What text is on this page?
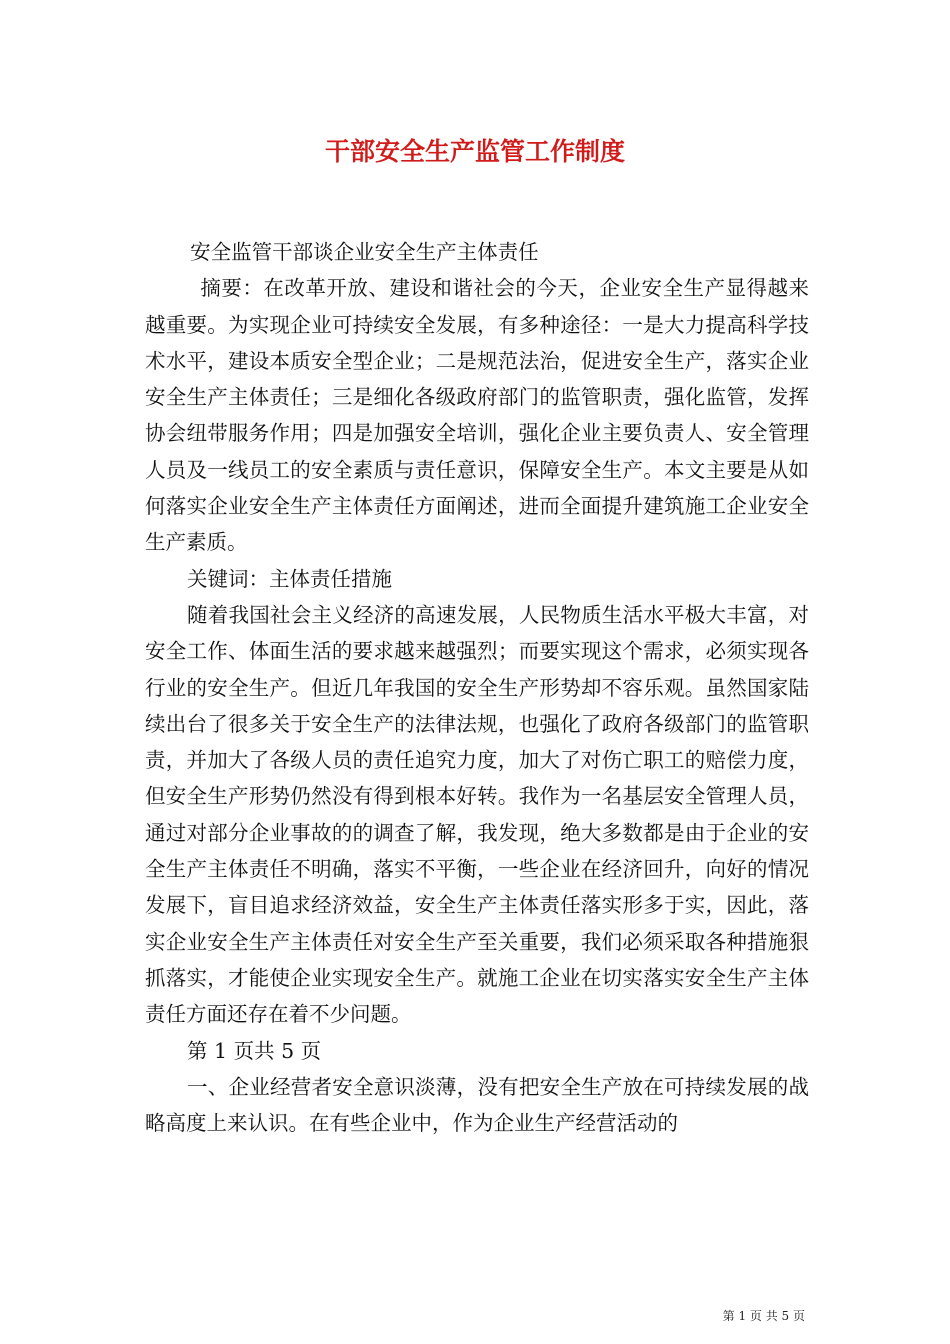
干部安全生产监管工作制度

安全监管干部谈企业安全生产主体责任

摘要：在改革开放、建设和谐社会的今天，企业安全生产显得越来越重要。为实现企业可持续安全发展，有多种途径：一是大力提高科学技术水平，建设本质安全型企业；二是规范法治，促进安全生产，落实企业安全生产主体责任；三是细化各级政府部门的监管职责，强化监管，发挥协会纽带服务作用；四是加强安全培训，强化企业主要负责人、安全管理人员及一线员工的安全素质与责任意识，保障安全生产。本文主要是从如何落实企业安全生产主体责任方面阐述，进而全面提升建筑施工企业安全生产素质。

关键词：主体责任措施

随着我国社会主义经济的高速发展，人民物质生活水平极大丰富，对安全工作、体面生活的要求越来越强烈；而要实现这个需求，必须实现各行业的安全生产。但近几年我国的安全生产形势却不容乐观。虽然国家陆续出台了很多关于安全生产的法律法规，也强化了政府各级部门的监管职责，并加大了各级人员的责任追究力度，加大了对伤亡职工的赔偿力度，但安全生产形势仍然没有得到根本好转。我作为一名基层安全管理人员，通过对部分企业事故的的调查了解，我发现，绝大多数都是由于企业的安全生产主体责任不明确，落实不平衡，一些企业在经济回升，向好的情况发展下，盲目追求经济效益，安全生产主体责任落实形多于实，因此，落实企业安全生产主体责任对安全生产至关重要，我们必须采取各种措施狠抓落实，才能使企业实现安全生产。就施工企业在切实落实安全生产主体责任方面还存在着不少问题。

第 1 页共 5 页

一、企业经营者安全意识淡薄，没有把安全生产放在可持续发展的战略高度上来认识。在有些企业中，作为企业生产经营活动的

第 1 页 共 5 页
